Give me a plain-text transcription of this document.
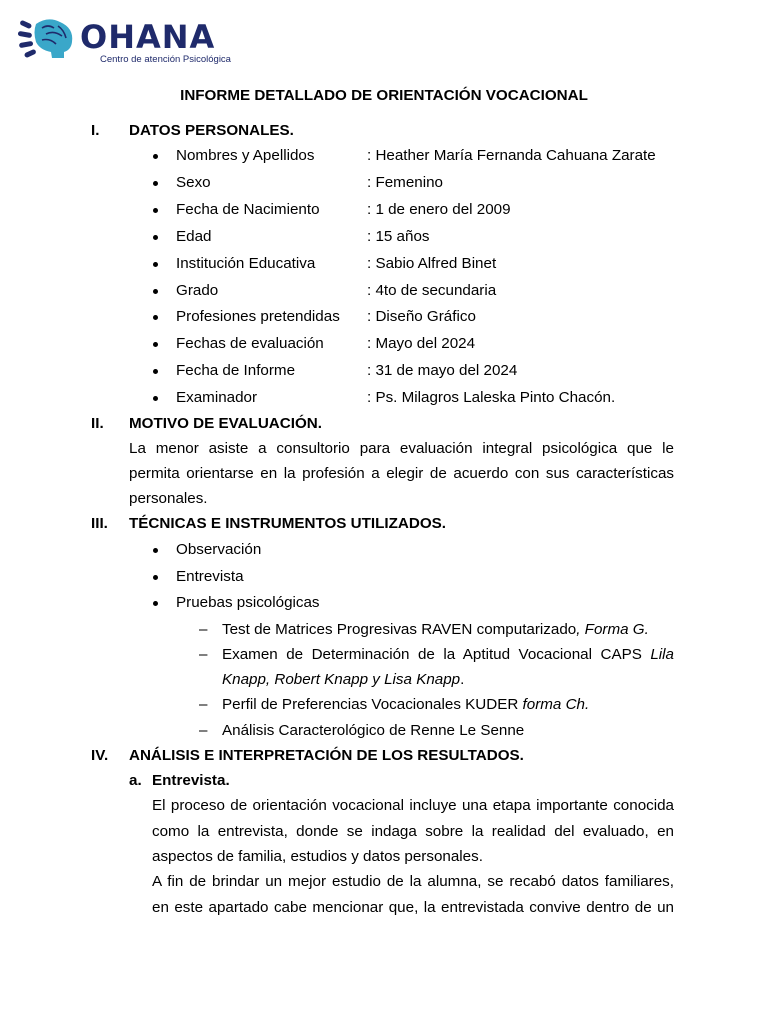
OHANA
Centro de atención Psicológica
INFORME DETALLADO DE ORIENTACIÓN VOCACIONAL
I. DATOS PERSONALES.
Nombres y Apellidos	: Heather María Fernanda Cahuana Zarate
Sexo	: Femenino
Fecha de Nacimiento	: 1 de enero del 2009
Edad	: 15 años
Institución Educativa	: Sabio Alfred Binet
Grado	: 4to de secundaria
Profesiones pretendidas : Diseño Gráfico
Fechas de evaluación	: Mayo del 2024
Fecha de Informe	: 31 de mayo del 2024
Examinador	: Ps. Milagros Laleska Pinto Chacón.
II. MOTIVO DE EVALUACIÓN.
La menor asiste a consultorio para evaluación integral psicológica que le
permita orientarse en la profesión a elegir de acuerdo con sus características
personales.
III. TÉCNICAS E INSTRUMENTOS UTILIZADOS.
Observación
Entrevista
Pruebas psicológicas
– Test de Matrices Progresivas RAVEN computarizado, Forma G.
– Examen de Determinación de la Aptitud Vocacional CAPS Lila
Knapp, Robert Knapp y Lisa Knapp.
– Perfil de Preferencias Vocacionales KUDER forma Ch.
– Análisis Caracterológico de Renne Le Senne
IV. ANÁLISIS E INTERPRETACIÓN DE LOS RESULTADOS.
a. Entrevista.
El proceso de orientación vocacional incluye una etapa importante conocida
como la entrevista, donde se indaga sobre la realidad del evaluado, en
aspectos de familia, estudios y datos personales.
A fin de brindar un mejor estudio de la alumna, se recabó datos familiares,
en este apartado cabe mencionar que, la entrevistada convive dentro de un
